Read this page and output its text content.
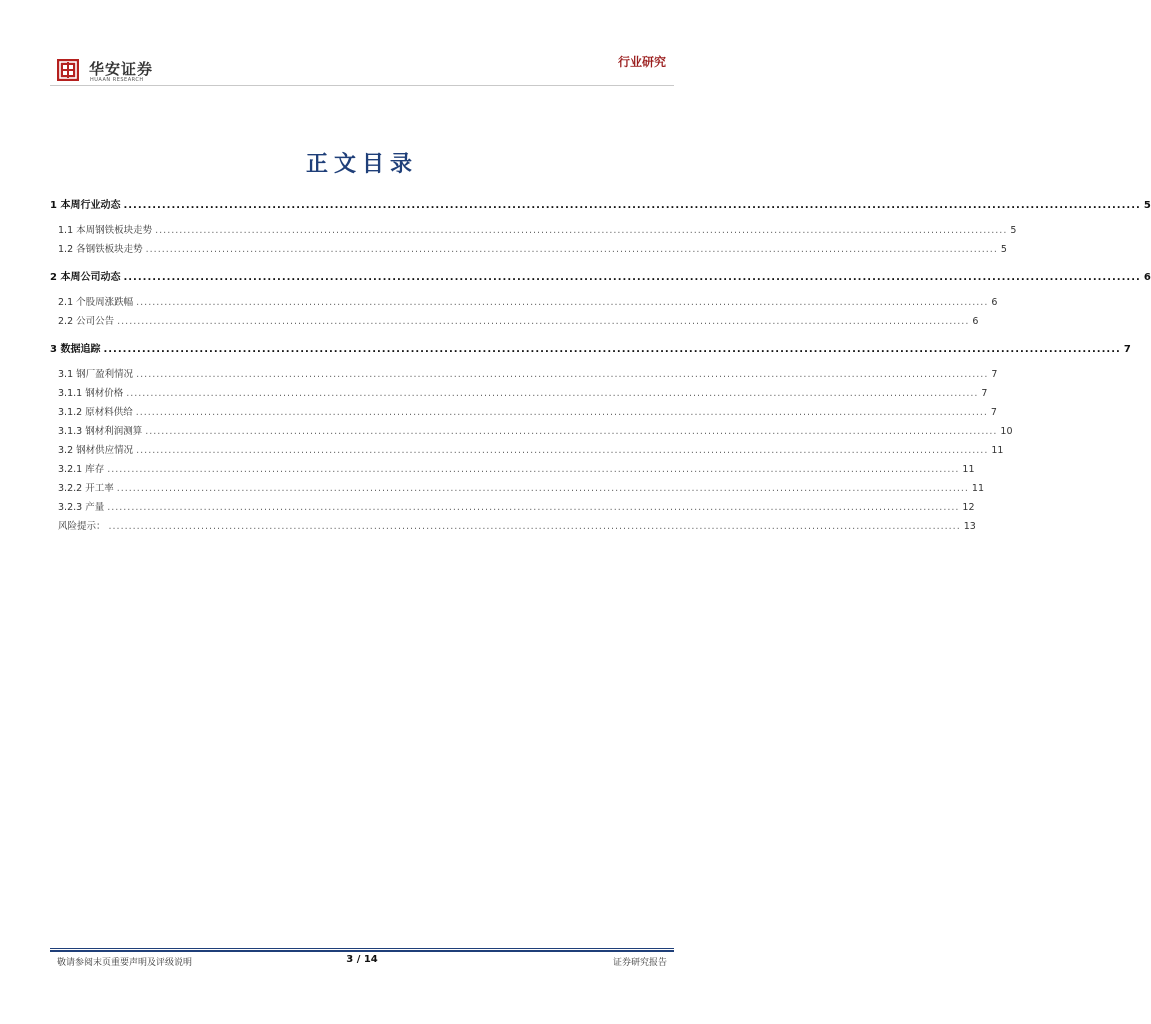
华安证券
HUAAN RESEARCH
行业研究
正文目录
1 本周行业动态 .................................................................................................................................................................................................................... 5
1.1 本周钢铁板块走势 .................................................................................................................................................................................................................... 5
1.2 各钢铁板块走势 .................................................................................................................................................................................................................... 5
2 本周公司动态 .................................................................................................................................................................................................................... 6
2.1 个股周涨跌幅 .................................................................................................................................................................................................................... 6
2.2 公司公告 .................................................................................................................................................................................................................... 6
3 数据追踪 .................................................................................................................................................................................................................... 7
3.1 钢厂盈利情况 .................................................................................................................................................................................................................... 7
3.1.1 钢材价格 .................................................................................................................................................................................................................... 7
3.1.2 原材料供给 .................................................................................................................................................................................................................... 7
3.1.3 钢材利润测算 .................................................................................................................................................................................................................... 10
3.2 钢材供应情况 .................................................................................................................................................................................................................... 11
3.2.1 库存 .................................................................................................................................................................................................................... 11
3.2.2 开工率 .................................................................................................................................................................................................................... 11
3.2.3 产量 .................................................................................................................................................................................................................... 12
风险提示： .................................................................................................................................................................................................................... 13
敬请参阅末页重要声明及评级说明	3 / 14	证券研究报告
